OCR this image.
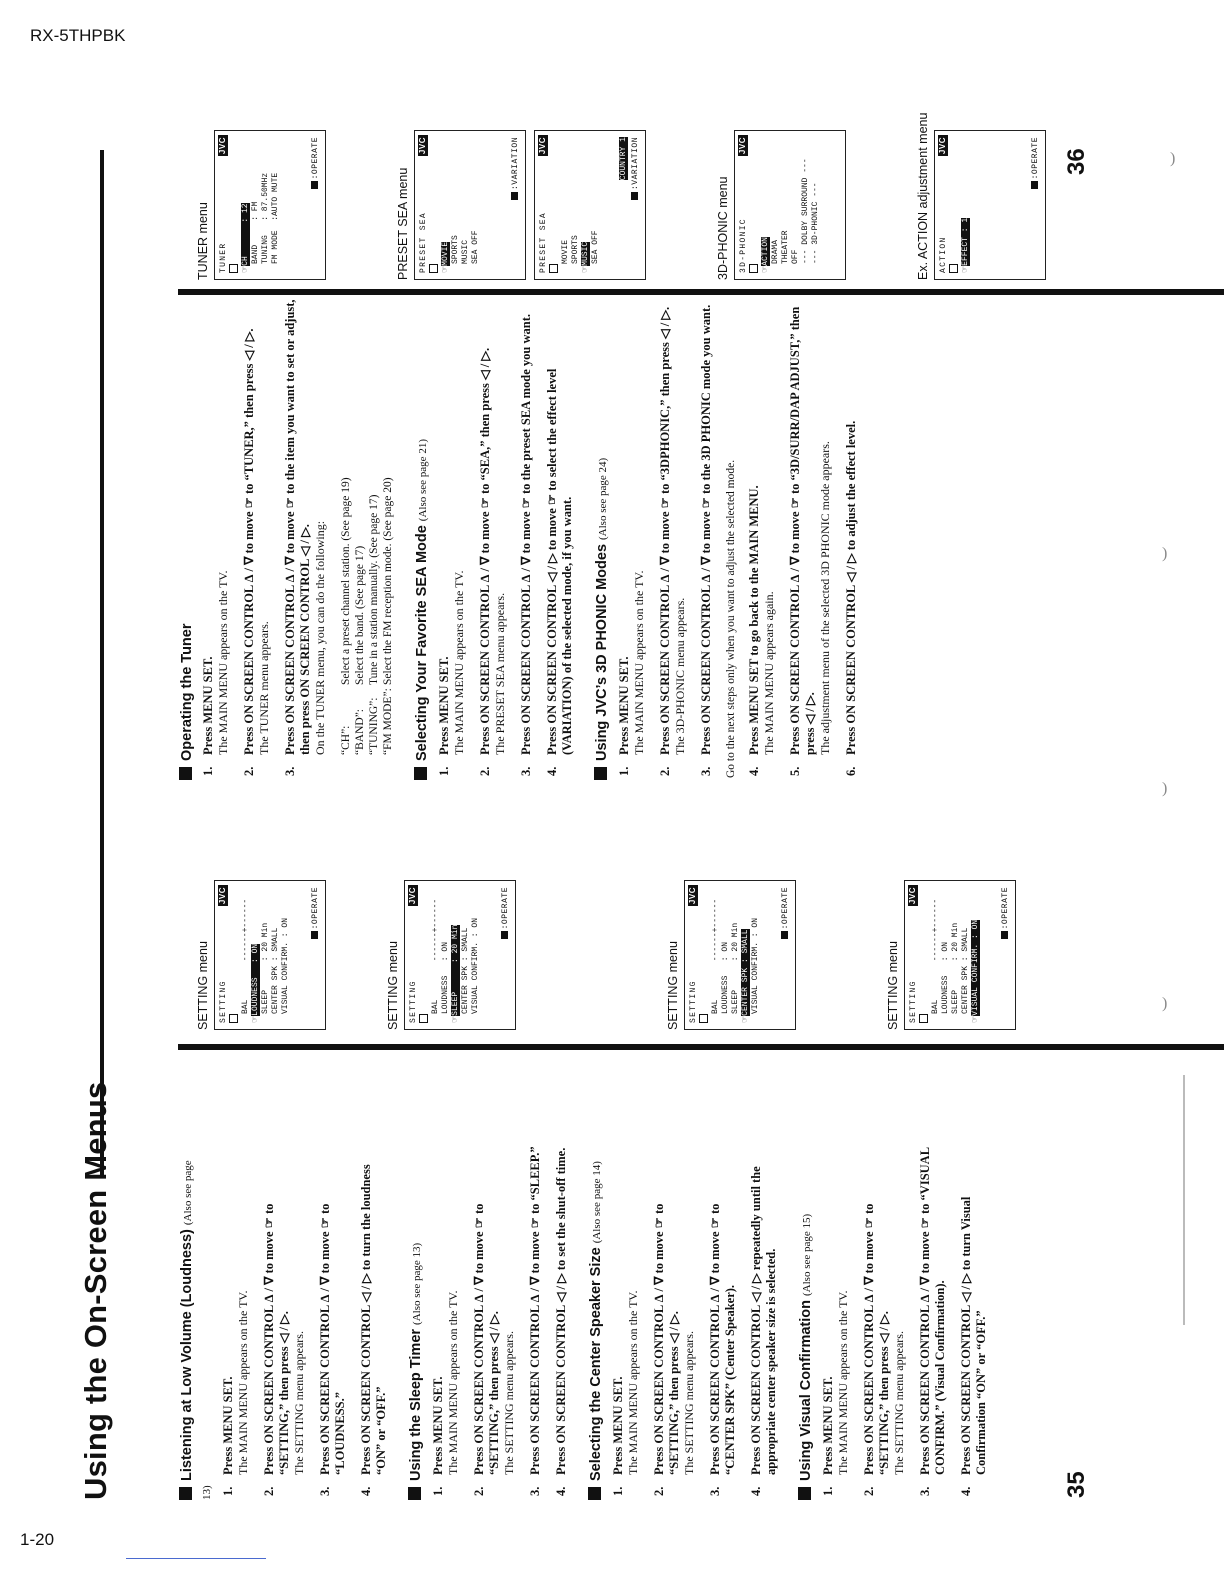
RX-5THPBK
1-20
)
)
)
)
Using the On-Screen Menus	Listening at Low Volume (Loudness)(Also see page 13) 1.
Press MENU SET. The MAIN MENU appears on the TV.
2.
Press ON SCREEN CONTROL ∆ / ∇ to move ☞ to “SETTING,” then press ◁ / ▷. The SETTING menu appears.
3.
Press ON SCREEN CONTROL ∆ / ∇ to move ☞ to “LOUDNESS.”
4.
Press ON SCREEN CONTROL ◁ / ▷ to turn the loudness “ON” or “OFF.” Using the Sleep Timer(Also see page 13)
1.
Press MENU SET. The MAIN MENU appears on the TV.
2.
Press ON SCREEN CONTROL ∆ / ∇ to move ☞ to “SETTING,” then press ◁ / ▷. The SETTING menu appears.
3.
Press ON SCREEN CONTROL ∆ / ∇ to move ☞ to “SLEEP.”
4.
Press ON SCREEN CONTROL ◁ / ▷ to set the shut-off time. Selecting the Center Speaker Size(Also see page 14)
1.
Press MENU SET. The MAIN MENU appears on the TV.
2.
Press ON SCREEN CONTROL ∆ / ∇ to move ☞ to “SETTING,” then press ◁ / ▷. The SETTING menu appears.
3.
Press ON SCREEN CONTROL ∆ / ∇ to move ☞ to “CENTER SPK” (Center Speaker).
4.
Press ON SCREEN CONTROL ◁ / ▷ repeatedly until the appropriate center speaker size is selected. Using Visual Confirmation(Also see page 15)
1.
Press MENU SET. The MAIN MENU appears on the TV.
2.
Press ON SCREEN CONTROL ∆ / ∇ to move ☞ to “SETTING,” then press ◁ / ▷. The SETTING menu appears.
3.
Press ON SCREEN CONTROL ∆ / ∇ to move ☞ to “VISUAL CONFIRM.” (Visual Confirmation).
4.
Press ON SCREEN CONTROL ◁ / ▷ to turn Visual Confirmation “ON” or “OFF.”
SETTING menu SETTING
JVC
BAL        ------+------
☞LOUDNESS   : ON SLEEP      : 20 Min CENTER SPK : SMALL VISUAL CONFIRM. : ON
:OPERATE
SETTING menu SETTING
JVC
BAL        ------+------ LOUDNESS   : ON
☞SLEEP      : 20 Min CENTER SPK : SMALL VISUAL CONFIRM. : ON
:OPERATE
SETTING menu SETTING
JVC
BAL        ------+------ LOUDNESS   : ON SLEEP      : 20 Min
☞CENTER SPK : SMALL VISUAL CONFIRM. : ON
:OPERATE
SETTING menu SETTING
JVC
BAL        ------+------ LOUDNESS   : ON SLEEP      : 20 Min CENTER SPK : SMALL
☞VISUAL CONFIRM. : ON
:OPERATE
Operating the Tuner
1.
Press MENU SET. The MAIN MENU appears on the TV.
2.
Press ON SCREEN CONTROL ∆ / ∇ to move ☞ to “TUNER,” then press ◁ / ▷. The TUNER menu appears.
3.
Press ON SCREEN CONTROL ∆ / ∇ to move ☞ to the item you want to set or adjust, then press ON SCREEN CONTROL ◁ / ▷. On the TUNER menu, you can do the following: “CH”:
Select a preset channel station. (See page 19)
“BAND”:
Select the band. (See page 17)
“TUNING”:
Tune in a station manually. (See page 17)
“FM MODE”:
Select the FM reception mode. (See page 20) Selecting Your Favorite SEA Mode(Also see page 21)
1.
Press MENU SET. The MAIN MENU appears on the TV.
2.
Press ON SCREEN CONTROL ∆ / ∇ to move ☞ to “SEA,” then press ◁ / ▷. The PRESET SEA menu appears.
3.
Press ON SCREEN CONTROL ∆ / ∇ to move ☞ to the preset SEA mode you want.
4.
Press ON SCREEN CONTROL ◁ / ▷ to move ☞ to select the effect level (VARIATION) of the selected mode, if you want. Using JVC’s 3D PHONIC Modes(Also see page 24)
1.
Press MENU SET. The MAIN MENU appears on the TV.
2.
Press ON SCREEN CONTROL ∆ / ∇ to move ☞ to “3DPHONIC,” then press ◁ / ▷. The 3D-PHONIC menu appears.
3.
Press ON SCREEN CONTROL ∆ / ∇ to move ☞ to the 3D PHONIC mode you want. Go to the next steps only when you want to adjust the selected mode. 4.
Press MENU SET to go back to the MAIN MENU. The MAIN MENU appears again.
5.
Press ON SCREEN CONTROL ∆ / ∇ to move ☞ to “3D/SURR/DAP ADJUST,” then press ◁ / ▷. The adjustment menu of the selected 3D PHONIC mode appears.
6.
Press ON SCREEN CONTROL ◁ / ▷ to adjust the effect level.
TUNER menu TUNER
JVC
☞CH       : 12 BAND     : FM TUNING   : 87.50MHz FM MODE  :AUTO MUTE
:OPERATE
PRESET SEA menu PRESET SEA
JVC
☞MOVIE SPORTS MUSIC SEA OFF
:VARIATION
PRESET SEA
JVC
MOVIE SPORTS
☞MUSIC SEA OFF
COUNTRY 1 :VARIATION
3D-PHONIC menu 3D-PHONIC
JVC
☞ACTION DRAMA THEATER OFF --- DOLBY SURROUND --- --- 3D-PHONIC ---	Ex. ACTION adjustment menu ACTION
JVC
☞EFFECT : 1
:OPERATE
35
36
